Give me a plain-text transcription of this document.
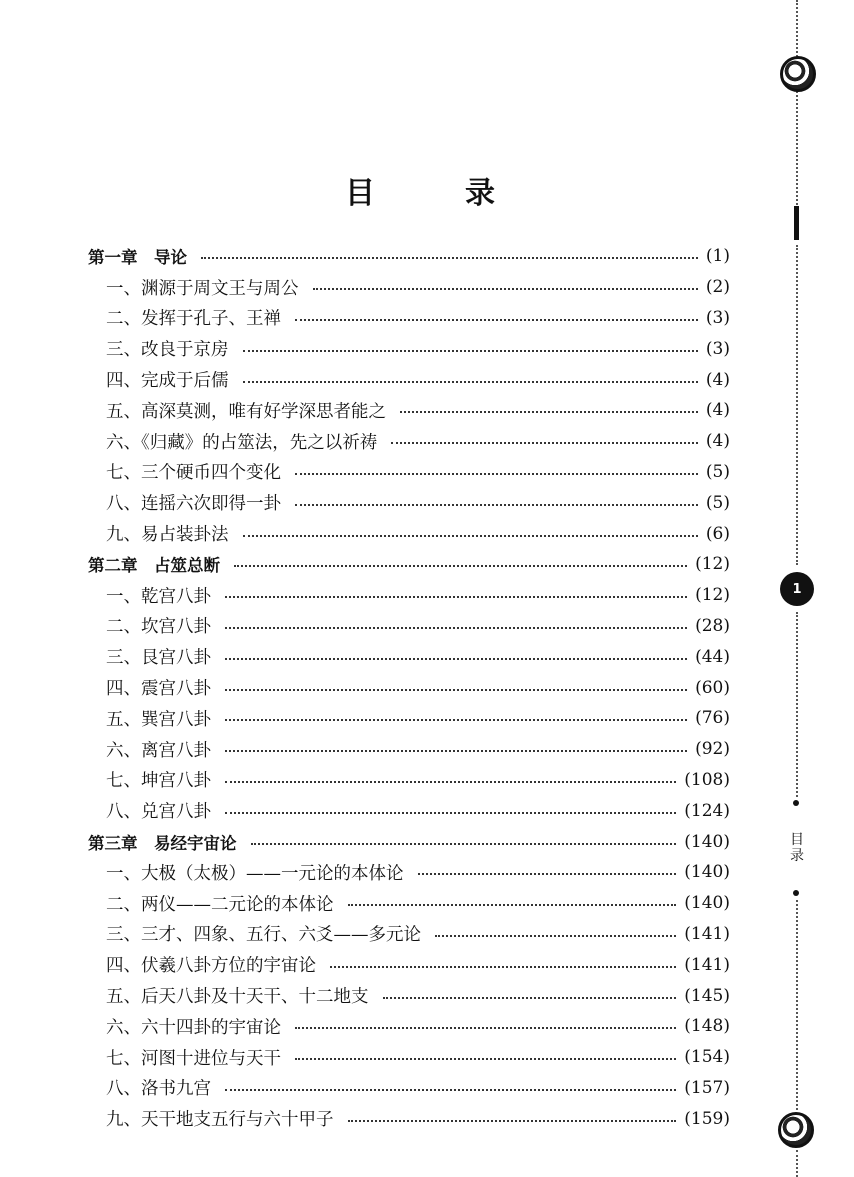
1
目录
目	录
第一章　导论	(1)
一、渊源于周文王与周公	(2)
二、发挥于孔子、王禅	(3)
三、改良于京房	(3)
四、完成于后儒	(4)
五、高深莫测，唯有好学深思者能之	(4)
六、《归藏》的占筮法，先之以祈祷	(4)
七、三个硬币四个变化	(5)
八、连摇六次即得一卦	(5)
九、易占装卦法	(6)
第二章　占筮总断	(12)
一、乾宫八卦	(12)
二、坎宫八卦	(28)
三、艮宫八卦	(44)
四、震宫八卦	(60)
五、巽宫八卦	(76)
六、离宫八卦	(92)
七、坤宫八卦	(108)
八、兑宫八卦	(124)
第三章　易经宇宙论	(140)
一、大极（太极）——一元论的本体论	(140)
二、两仪——二元论的本体论	(140)
三、三才、四象、五行、六爻——多元论	(141)
四、伏羲八卦方位的宇宙论	(141)
五、后天八卦及十天干、十二地支	(145)
六、六十四卦的宇宙论	(148)
七、河图十进位与天干	(154)
八、洛书九宫	(157)
九、天干地支五行与六十甲子	(159)
